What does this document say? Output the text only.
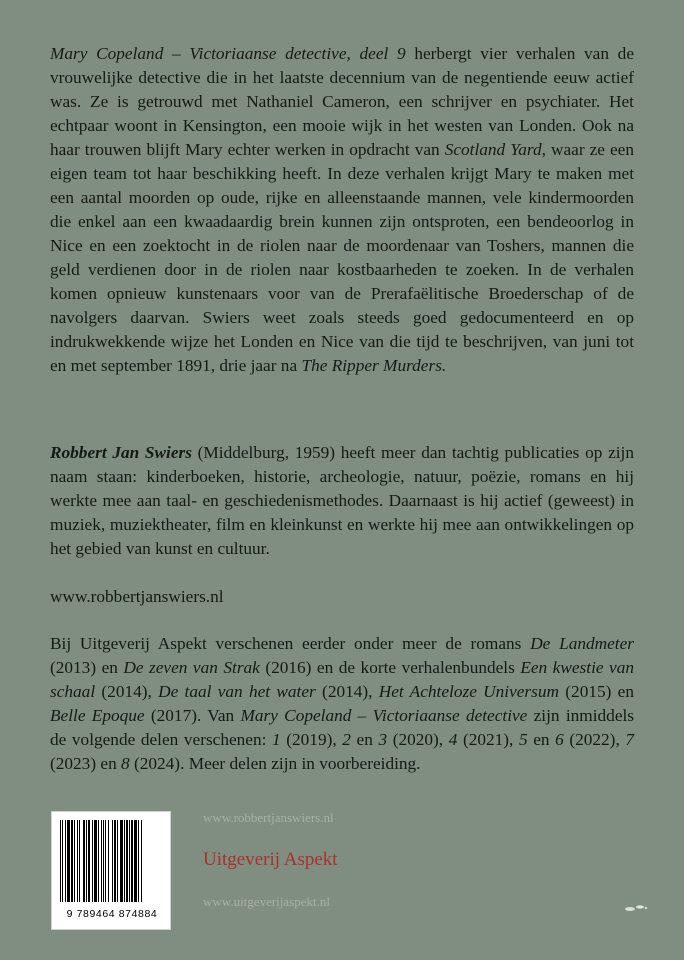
Mary Copeland – Victoriaanse detective, deel 9 herbergt vier verhalen van de vrouwelijke detective die in het laatste decennium van de negentiende eeuw actief was. Ze is getrouwd met Nathaniel Cameron, een schrijver en psychiater. Het echtpaar woont in Kensington, een mooie wijk in het westen van Londen. Ook na haar trouwen blijft Mary echter werken in opdracht van Scotland Yard, waar ze een eigen team tot haar beschikking heeft. In deze verhalen krijgt Mary te maken met een aantal moorden op oude, rijke en alleenstaande mannen, vele kindermoorden die enkel aan een kwaadaardig brein kunnen zijn ontsproten, een bendeoorlog in Nice en een zoektocht in de riolen naar de moordenaar van Toshers, mannen die geld verdienen door in de riolen naar kostbaarheden te zoeken. In de verhalen komen opnieuw kunstenaars voor van de Prerafaëlitische Broederschap of de navolgers daarvan. Swiers weet zoals steeds goed gedocumenteerd en op indrukwekkende wijze het Londen en Nice van die tijd te beschrijven, van juni tot en met september 1891, drie jaar na The Ripper Murders.

Robbert Jan Swiers (Middelburg, 1959) heeft meer dan tachtig publicaties op zijn naam staan: kinderboeken, historie, archeologie, natuur, poëzie, romans en hij werkte mee aan taal- en geschiedenismethodes. Daarnaast is hij actief (geweest) in muziek, muziektheater, film en kleinkunst en werkte hij mee aan ontwikkelingen op het gebied van kunst en cultuur.

www.robbertjanswiers.nl

Bij Uitgeverij Aspekt verschenen eerder onder meer de romans De Landmeter (2013) en De zeven van Strak (2016) en de korte verhalenbundels Een kwestie van schaal (2014), De taal van het water (2014), Het Achteloze Universum (2015) en Belle Epoque (2017). Van Mary Copeland – Victoriaanse detective zijn inmiddels de volgende delen verschenen: 1 (2019), 2 en 3 (2020), 4 (2021), 5 en 6 (2022), 7 (2023) en 8 (2024). Meer delen zijn in voorbereiding.

9 789464 874884
www.robbertjanswiers.nl
Uitgeverij Aspekt
www.uitgeverijaspekt.nl
